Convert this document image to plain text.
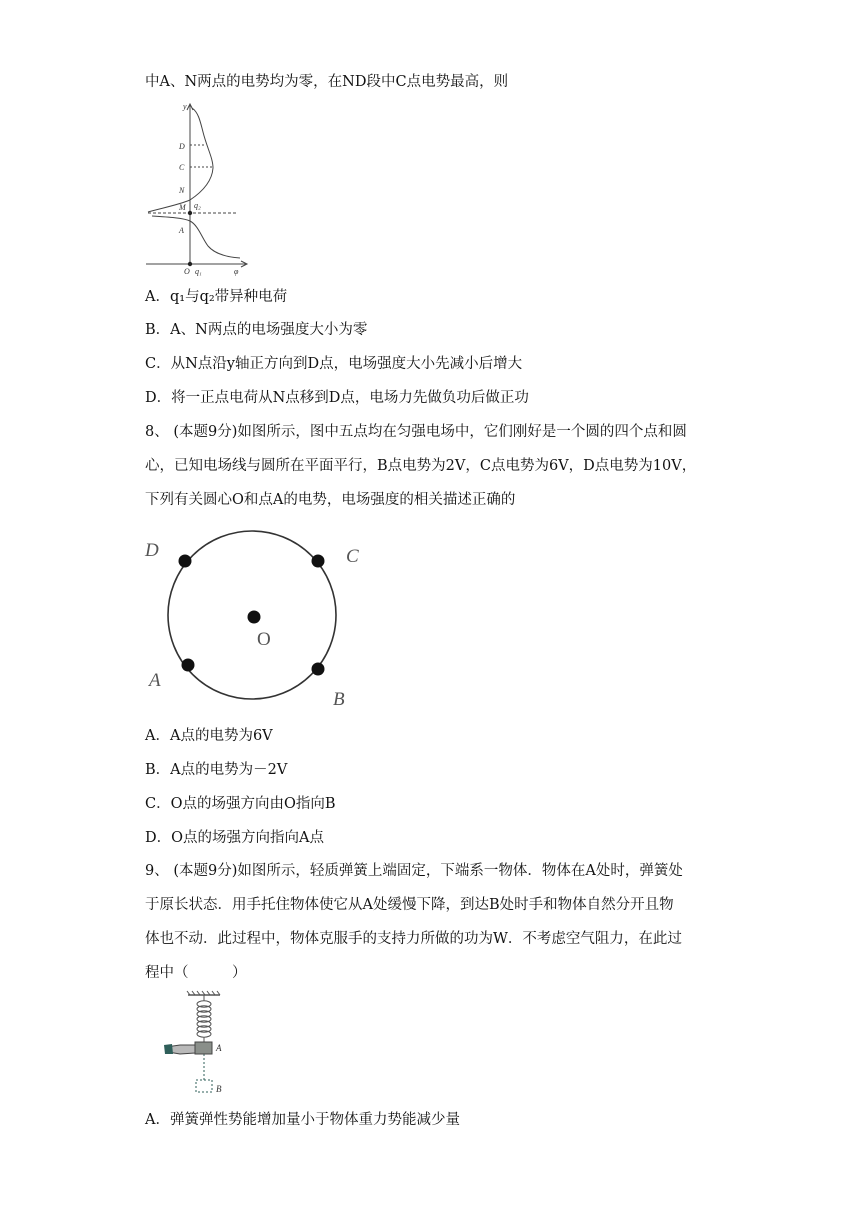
中A、N两点的电势均为零，在ND段中C点电势最高，则
y
D
C
N
M q₂
A
O q₁	φ
A．q₁与q₂带异种电荷
B．A、N两点的电场强度大小为零
C．从N点沿y轴正方向到D点，电场强度大小先减小后增大
D．将一正点电荷从N点移到D点，电场力先做负功后做正功
8、 (本题9分)如图所示，图中五点均在匀强电场中，它们刚好是一个圆的四个点和圆
心，已知电场线与圆所在平面平行，B点电势为2V，C点电势为6V，D点电势为10V，
下列有关圆心O和点A的电势，电场强度的相关描述正确的
D	C
O
A
B
A．A点的电势为6V
B．A点的电势为－2V
C．O点的场强方向由O指向B
D．O点的场强方向指向A点
9、 (本题9分)如图所示，轻质弹簧上端固定，下端系一物体．物体在A处时，弹簧处
于原长状态．用手托住物体使它从A处缓慢下降，到达B处时手和物体自然分开且物
体也不动．此过程中，物体克服手的支持力所做的功为W．不考虑空气阻力，在此过
程中（　　　）
A
B
A．弹簧弹性势能增加量小于物体重力势能减少量
